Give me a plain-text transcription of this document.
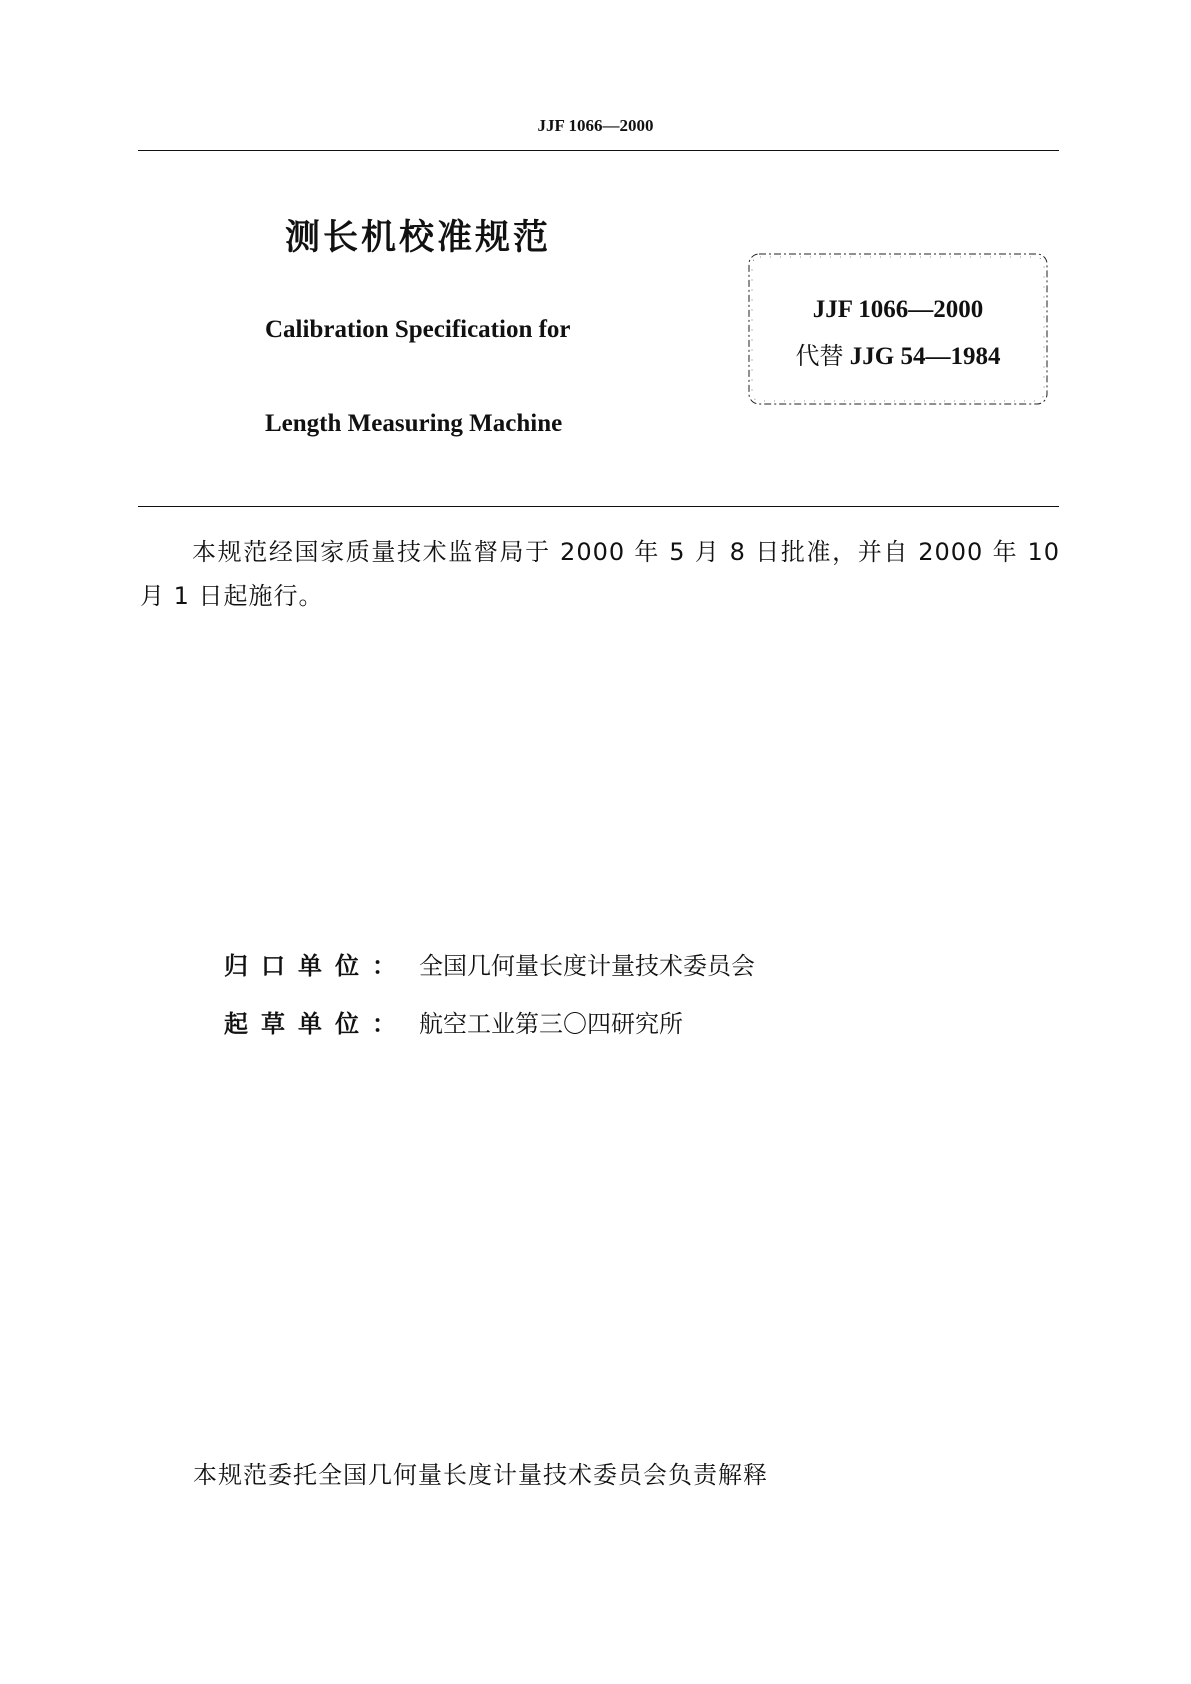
JJF 1066—2000
测长机校准规范
Calibration Specification for
Length Measuring Machine
JJF 1066—2000
代替 JJG 54—1984
本规范经国家质量技术监督局于 2000 年 5 月 8 日批准，并自 2000 年 10 月 1 日起施行。
归口单位： 全国几何量长度计量技术委员会
起草单位： 航空工业第三〇四研究所
本规范委托全国几何量长度计量技术委员会负责解释
